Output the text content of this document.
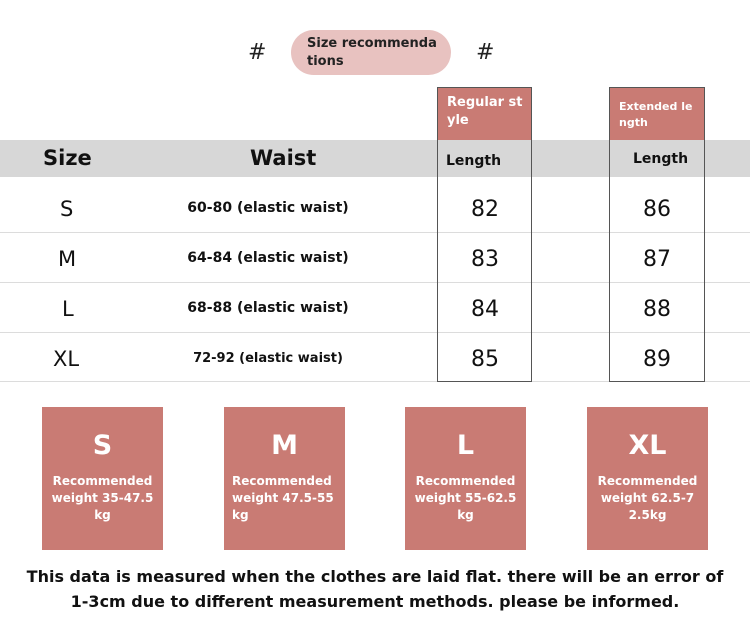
#	Size recommendations	#
Regular style
Extended length
Size	Waist	Length	Length
S	60-80 (elastic waist)	82	86
M	64-84 (elastic waist)	83	87
L	68-88 (elastic waist)	84	88
XL	72-92 (elastic waist)	85	89
S
Recommended weight 35-47.5kg
M
Recommended weight 47.5-55kg
L
Recommended weight 55-62.5kg
XL
Recommended weight 62.5-72.5kg
This data is measured when the clothes are laid flat. there will be an error of 1-3cm due to different measurement methods. please be informed.
